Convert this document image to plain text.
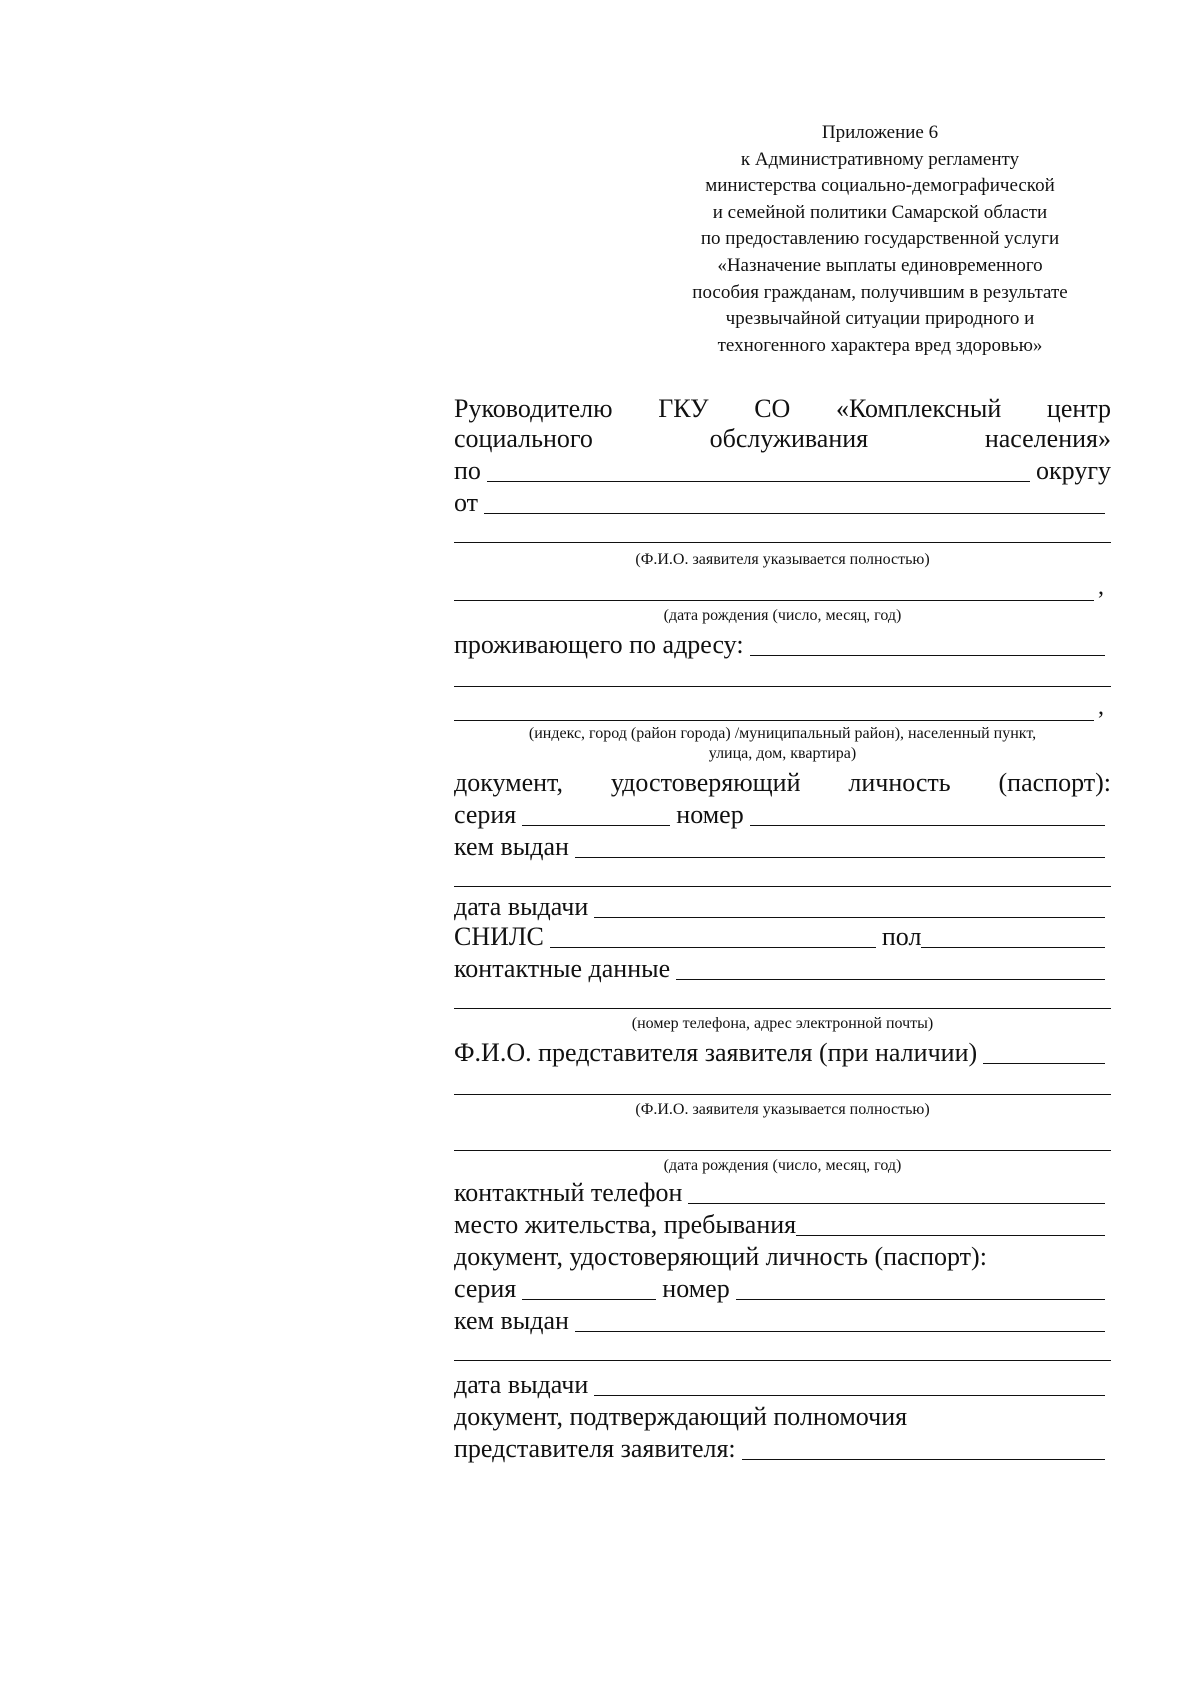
Приложение 6
к Административному регламенту
министерства социально-демографической
и семейной политики Самарской области
по предоставлению государственной услуги
«Назначение выплаты единовременного
пособия гражданам, получившим в результате
чрезвычайной ситуации природного и
техногенного характера вред здоровью»
Руководителю ГКУ СО «Комплексный центр
социального	обслуживания	населения»
по	округу
от
(Ф.И.О. заявителя указывается полностью)
,
(дата рождения (число, месяц, год)
проживающего по адресу:
,
(индекс, город (район города) /муниципальный район), населенный пункт,
улица, дом, квартира)
документ, удостоверяющий личность (паспорт):
серия	номер
кем выдан
дата выдачи
СНИЛС	пол
контактные данные
(номер телефона, адрес электронной почты)
Ф.И.О. представителя заявителя (при наличии)
(Ф.И.О. заявителя указывается полностью)
(дата рождения (число, месяц, год)
контактный телефон
место жительства, пребывания
документ, удостоверяющий личность (паспорт):
серия	номер
кем выдан
дата выдачи
документ, подтверждающий полномочия
представителя заявителя:
